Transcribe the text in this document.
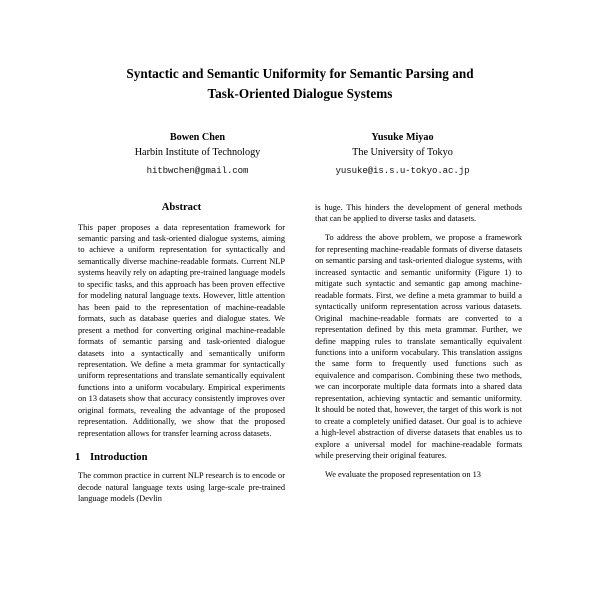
Syntactic and Semantic Uniformity for Semantic Parsing and
Task-Oriented Dialogue Systems
Bowen Chen
Harbin Institute of Technology
hitbwchen@gmail.com
Yusuke Miyao
The University of Tokyo
yusuke@is.s.u-tokyo.ac.jp
Abstract

This paper proposes a data representation framework for semantic parsing and task-oriented dialogue systems, aiming to achieve a uniform representation for syntactically and semantically diverse machine-readable formats. Current NLP systems heavily rely on adapting pre-trained language models to specific tasks, and this approach has been proven effective for modeling natural language texts. However, little attention has been paid to the representation of machine-readable formats, such as database queries and dialogue states. We present a method for converting original machine-readable formats of semantic parsing and task-oriented dialogue datasets into a syntactically and semantically uniform representation. We define a meta grammar for syntactically uniform representations and translate semantically equivalent functions into a uniform vocabulary. Empirical experiments on 13 datasets show that accuracy consistently improves over original formats, revealing the advantage of the proposed representation. Additionally, we show that the proposed representation allows for transfer learning across datasets.

1 Introduction

The common practice in current NLP research is to encode or decode natural language texts using large-scale pre-trained language models (Devlin

is huge. This hinders the development of general methods that can be applied to diverse tasks and datasets.

To address the above problem, we propose a framework for representing machine-readable formats of diverse datasets on semantic parsing and task-oriented dialogue systems, with increased syntactic and semantic uniformity (Figure 1) to mitigate such syntactic and semantic gap among machine-readable formats. First, we define a meta grammar to build a syntactically uniform representation across various datasets. Original machine-readable formats are converted to a representation defined by this meta grammar. Further, we define mapping rules to translate semantically equivalent functions into a uniform vocabulary. This translation assigns the same form to frequently used functions such as equivalence and comparison. Combining these two methods, we can incorporate multiple data formats into a shared data representation, achieving syntactic and semantic uniformity. It should be noted that, however, the target of this work is not to create a completely unified dataset. Our goal is to achieve a high-level abstraction of diverse datasets that enables us to explore a universal model for machine-readable formats while preserving their original features.

We evaluate the proposed representation on 13
